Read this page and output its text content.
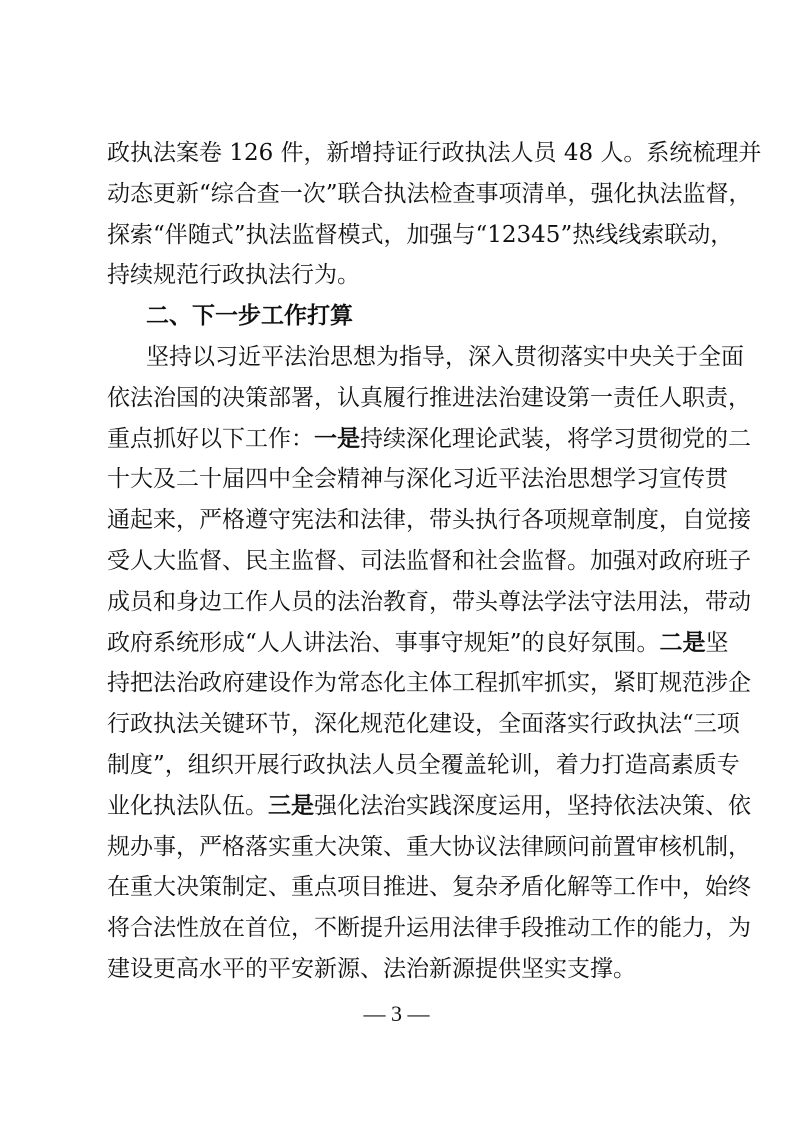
政执法案卷 126 件，新增持证行政执法人员 48 人。系统梳理并
动态更新“综合查一次”联合执法检查事项清单，强化执法监督，
探索“伴随式”执法监督模式，加强与“12345”热线线索联动，
持续规范行政执法行为。
二、下一步工作打算
坚持以习近平法治思想为指导，深入贯彻落实中央关于全面
依法治国的决策部署，认真履行推进法治建设第一责任人职责，
重点抓好以下工作：一是持续深化理论武装，将学习贯彻党的二
十大及二十届四中全会精神与深化习近平法治思想学习宣传贯
通起来，严格遵守宪法和法律，带头执行各项规章制度，自觉接
受人大监督、民主监督、司法监督和社会监督。加强对政府班子
成员和身边工作人员的法治教育，带头尊法学法守法用法，带动
政府系统形成“人人讲法治、事事守规矩”的良好氛围。二是坚
持把法治政府建设作为常态化主体工程抓牢抓实，紧盯规范涉企
行政执法关键环节，深化规范化建设，全面落实行政执法“三项
制度”，组织开展行政执法人员全覆盖轮训，着力打造高素质专
业化执法队伍。三是强化法治实践深度运用，坚持依法决策、依
规办事，严格落实重大决策、重大协议法律顾问前置审核机制，
在重大决策制定、重点项目推进、复杂矛盾化解等工作中，始终
将合法性放在首位，不断提升运用法律手段推动工作的能力，为
建设更高水平的平安新源、法治新源提供坚实支撑。
— 3 —
